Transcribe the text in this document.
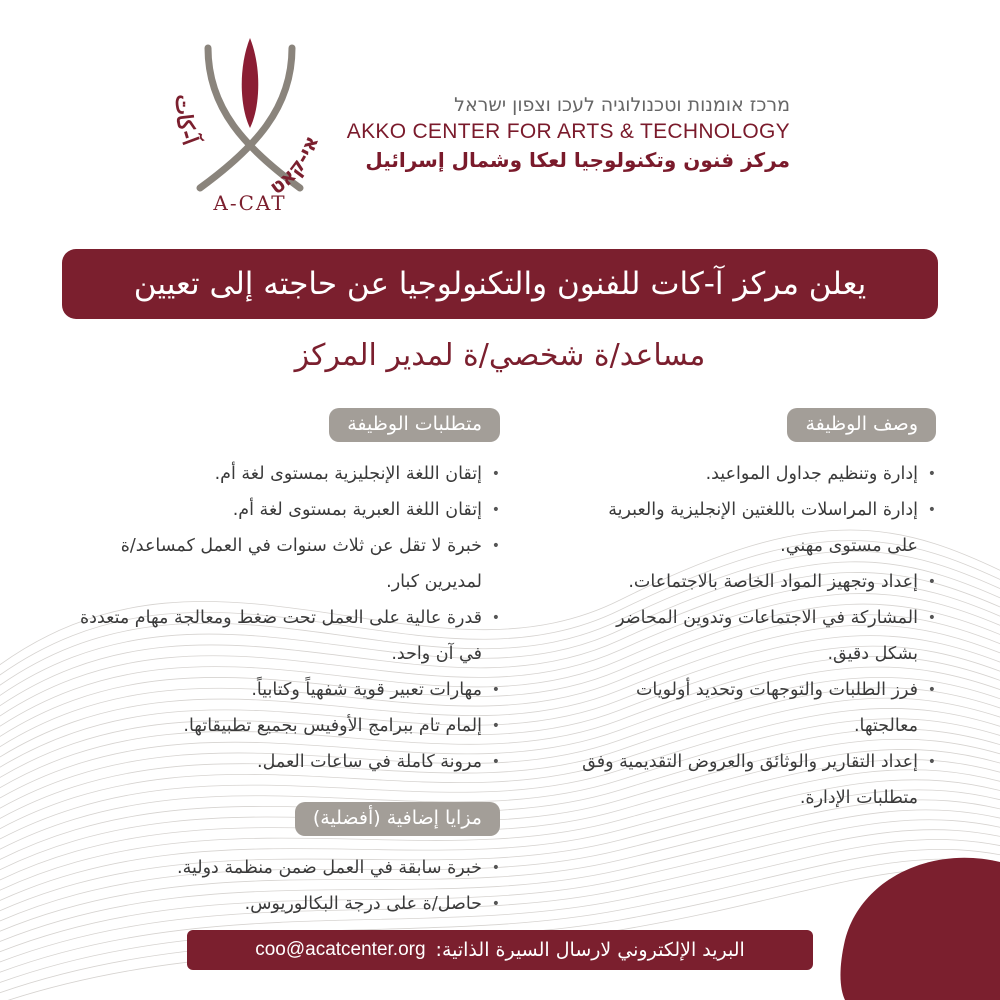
آ-كات
אי-קאט
A-CAT
מרכז אומנות וטכנולוגיה לעכו וצפון ישראל
AKKO CENTER FOR ARTS & TECHNOLOGY
مركز فنون وتكنولوجيا لعكا وشمال إسرائيل
يعلن مركز آ-كات للفنون والتكنولوجيا عن حاجته إلى تعيين
مساعد/ة شخصي/ة لمدير المركز
وصف الوظيفة
•
إدارة وتنظيم جداول المواعيد.
•
إدارة المراسلات باللغتين الإنجليزية والعبرية على مستوى مهني.
•
إعداد وتجهيز المواد الخاصة بالاجتماعات.
•
المشاركة في الاجتماعات وتدوين المحاضر بشكل دقيق.
•
فرز الطلبات والتوجهات وتحديد أولويات معالجتها.
•
إعداد التقارير والوثائق والعروض التقديمية وفق متطلبات الإدارة.
متطلبات الوظيفة
•
إتقان اللغة الإنجليزية بمستوى لغة أم.
•
إتقان اللغة العبرية بمستوى لغة أم.
•
خبرة لا تقل عن ثلاث سنوات في العمل كمساعد/ة لمديرين كبار.
•
قدرة عالية على العمل تحت ضغط ومعالجة مهام متعددة في آن واحد.
•
مهارات تعبير قوية شفهياً وكتابياً.
•
إلمام تام ببرامج الأوفيس بجميع تطبيقاتها.
•
مرونة كاملة في ساعات العمل.
مزايا إضافية (أفضلية)
•
خبرة سابقة في العمل ضمن منظمة دولية.
•
حاصل/ة على درجة البكالوريوس.
البريد الإلكتروني لارسال السيرة الذاتية:
coo@acatcenter.org
